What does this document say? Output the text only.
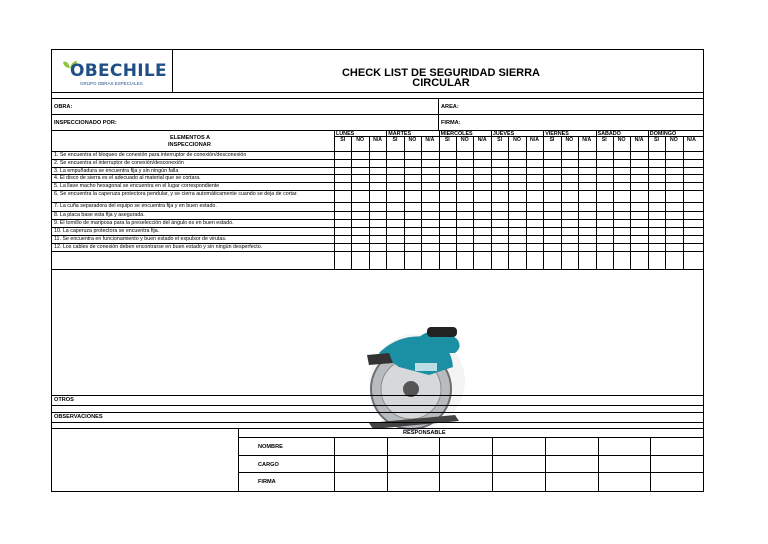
OBECHILE
GRUPO OBRAS ESPECIALES
CHECK LIST DE SEGURIDAD SIERRA
CIRCULAR
OBRA:	AREA:
INSPECCIONADO POR:	FIRMA:
ELEMENTOS A
INSPECCIONAR
LUNES
SI	NO	N/A
MARTES
SI	NO	N/A
MIERCOLES
SI	NO	N/A
JUEVES
SI	NO	N/A
VIERNES
SI	NO	N/A
SABADO
SI	NO	N/A
DOMINGO
SI	NO	N/A
1. Se encuentra el bloqueo de conexión para interruptor de conexión/desconexión
2. Se encuentra el interruptor de conexión/desconexión
3. La empuñadura se encuentra fija y sin ningún falla
4. El disco de sierra es el adecuado al material que se cortara.
5. La llave macho hexagonal se encuentra en el lugar correspondiente
6. Se encuentra la caperuza protectora pendular, y se cierra automáticamente cuando se deja de cortar.
7. La cuña separadora del equipo se encuentra fija y en buen estado.
8. La placa base esta fija y asegurada.
9. El tornillo de mariposa para la preselección del ángulo es en buen estado.
10. La caperuza protectora se encuentra fija.
11. Se encuentra en funcionamiento y buen estado el expulsor de virutas.
12. Los cables de conexión deben encontrarse en buen estado y sin ningún desperfecto.
OTROS
OBSERVACIONES
RESPONSABLE
NOMBRE
CARGO
FIRMA
